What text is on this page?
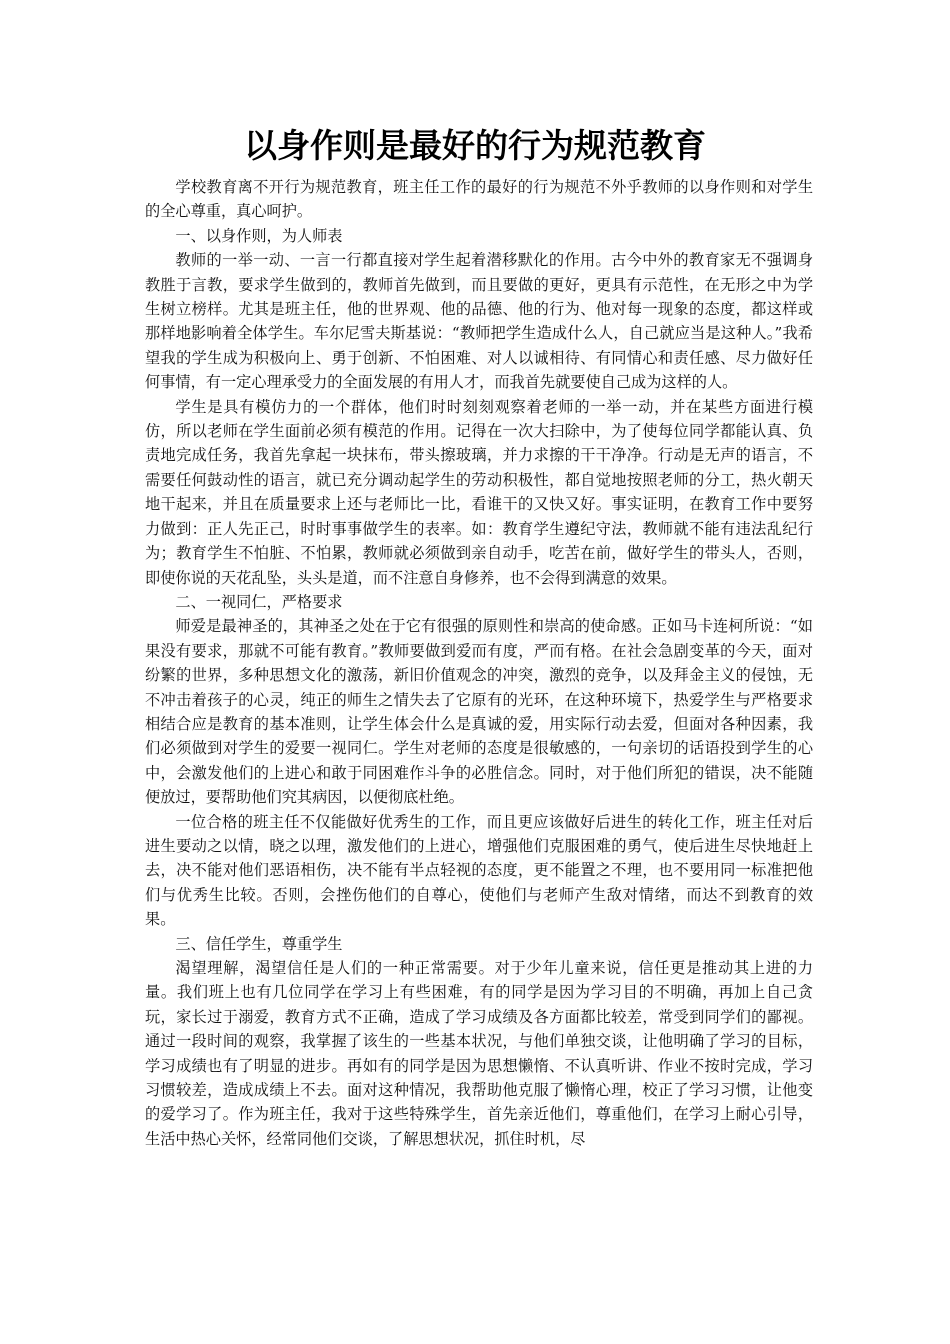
以身作则是最好的行为规范教育

学校教育离不开行为规范教育，班主任工作的最好的行为规范不外乎教师的以身作则和对学生的全心尊重，真心呵护。

一、以身作则，为人师表

教师的一举一动、一言一行都直接对学生起着潜移默化的作用。古今中外的教育家无不强调身教胜于言教，要求学生做到的，教师首先做到，而且要做的更好，更具有示范性，在无形之中为学生树立榜样。尤其是班主任，他的世界观、他的品德、他的行为、他对每一现象的态度，都这样或那样地影响着全体学生。车尔尼雪夫斯基说：“教师把学生造成什么人，自己就应当是这种人。”我希望我的学生成为积极向上、勇于创新、不怕困难、对人以诚相待、有同情心和责任感、尽力做好任何事情，有一定心理承受力的全面发展的有用人才，而我首先就要使自己成为这样的人。

学生是具有模仿力的一个群体，他们时时刻刻观察着老师的一举一动，并在某些方面进行模仿，所以老师在学生面前必须有模范的作用。记得在一次大扫除中，为了使每位同学都能认真、负责地完成任务，我首先拿起一块抹布，带头擦玻璃，并力求擦的干干净净。行动是无声的语言，不需要任何鼓动性的语言，就已充分调动起学生的劳动积极性，都自觉地按照老师的分工，热火朝天地干起来，并且在质量要求上还与老师比一比，看谁干的又快又好。事实证明，在教育工作中要努力做到：正人先正己，时时事事做学生的表率。如：教育学生遵纪守法，教师就不能有违法乱纪行为；教育学生不怕脏、不怕累，教师就必须做到亲自动手，吃苦在前，做好学生的带头人，否则，即使你说的天花乱坠，头头是道，而不注意自身修养，也不会得到满意的效果。

二、一视同仁，严格要求

师爱是最神圣的，其神圣之处在于它有很强的原则性和崇高的使命感。正如马卡连柯所说：“如果没有要求，那就不可能有教育。”教师要做到爱而有度，严而有格。在社会急剧变革的今天，面对纷繁的世界，多种思想文化的激荡，新旧价值观念的冲突，激烈的竞争，以及拜金主义的侵蚀，无不冲击着孩子的心灵，纯正的师生之情失去了它原有的光环，在这种环境下，热爱学生与严格要求相结合应是教育的基本准则，让学生体会什么是真诚的爱，用实际行动去爱，但面对各种因素，我们必须做到对学生的爱要一视同仁。学生对老师的态度是很敏感的，一句亲切的话语投到学生的心中，会激发他们的上进心和敢于同困难作斗争的必胜信念。同时，对于他们所犯的错误，决不能随便放过，要帮助他们究其病因，以便彻底杜绝。

一位合格的班主任不仅能做好优秀生的工作，而且更应该做好后进生的转化工作，班主任对后进生要动之以情，晓之以理，激发他们的上进心，增强他们克服困难的勇气，使后进生尽快地赶上去，决不能对他们恶语相伤，决不能有半点轻视的态度，更不能置之不理，也不要用同一标准把他们与优秀生比较。否则，会挫伤他们的自尊心，使他们与老师产生敌对情绪，而达不到教育的效果。

三、信任学生，尊重学生

渴望理解，渴望信任是人们的一种正常需要。对于少年儿童来说，信任更是推动其上进的力量。我们班上也有几位同学在学习上有些困难，有的同学是因为学习目的不明确，再加上自己贪玩，家长过于溺爱，教育方式不正确，造成了学习成绩及各方面都比较差，常受到同学们的鄙视。通过一段时间的观察，我掌握了该生的一些基本状况，与他们单独交谈，让他明确了学习的目标，学习成绩也有了明显的进步。再如有的同学是因为思想懒惰、不认真听讲、作业不按时完成，学习习惯较差，造成成绩上不去。面对这种情况，我帮助他克服了懒惰心理，校正了学习习惯，让他变的爱学习了。作为班主任，我对于这些特殊学生，首先亲近他们，尊重他们，在学习上耐心引导，生活中热心关怀，经常同他们交谈，了解思想状况，抓住时机，尽
